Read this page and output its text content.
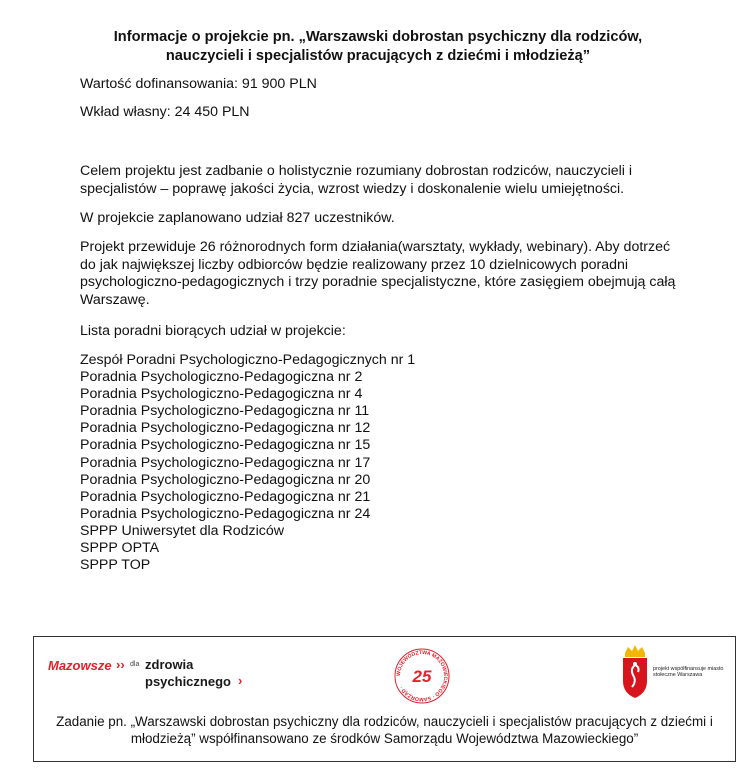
Informacje o projekcie pn. „Warszawski dobrostan psychiczny dla rodziców,
nauczycieli i specjalistów pracujących z dziećmi i młodzieżą”
Wartość dofinansowania: 91 900 PLN
Wkład własny: 24 450 PLN

Celem projektu jest zadbanie o holistycznie rozumiany dobrostan rodziców, nauczycieli i specjalistów – poprawę jakości życia, wzrost wiedzy i doskonalenie wielu umiejętności.

W projekcie zaplanowano udział 827 uczestników.

Projekt przewiduje 26 różnorodnych form działania(warsztaty, wykłady, webinary). Aby dotrzeć do jak największej liczby odbiorców będzie realizowany przez 10 dzielnicowych poradni psychologiczno-pedagogicznych i trzy poradnie specjalistyczne, które zasięgiem obejmują całą Warszawę.

Lista poradni biorących udział w projekcie:

Zespół Poradni Psychologiczno-Pedagogicznych nr 1
Poradnia Psychologiczno-Pedagogiczna nr 2
Poradnia Psychologiczno-Pedagogiczna nr 4
Poradnia Psychologiczno-Pedagogiczna nr 11
Poradnia Psychologiczno-Pedagogiczna nr 12
Poradnia Psychologiczno-Pedagogiczna nr 15
Poradnia Psychologiczno-Pedagogiczna nr 17
Poradnia Psychologiczno-Pedagogiczna nr 20
Poradnia Psychologiczno-Pedagogiczna nr 21
Poradnia Psychologiczno-Pedagogiczna nr 24
SPPP Uniwersytet dla Rodziców
SPPP OPTA
SPPP TOP
Mazowsze ›› dla zdrowia
psychicznego ›	WOJEWÓDZTWA MAZOWIECKIEGO · SAMORZĄD ·
25	projekt współfinansuje miasto stołeczne Warszawa

Zadanie pn. „Warszawski dobrostan psychiczny dla rodziców, nauczycieli i specjalistów pracujących z dziećmi i młodzieżą” współfinansowano ze środków Samorządu Województwa Mazowieckiego”
